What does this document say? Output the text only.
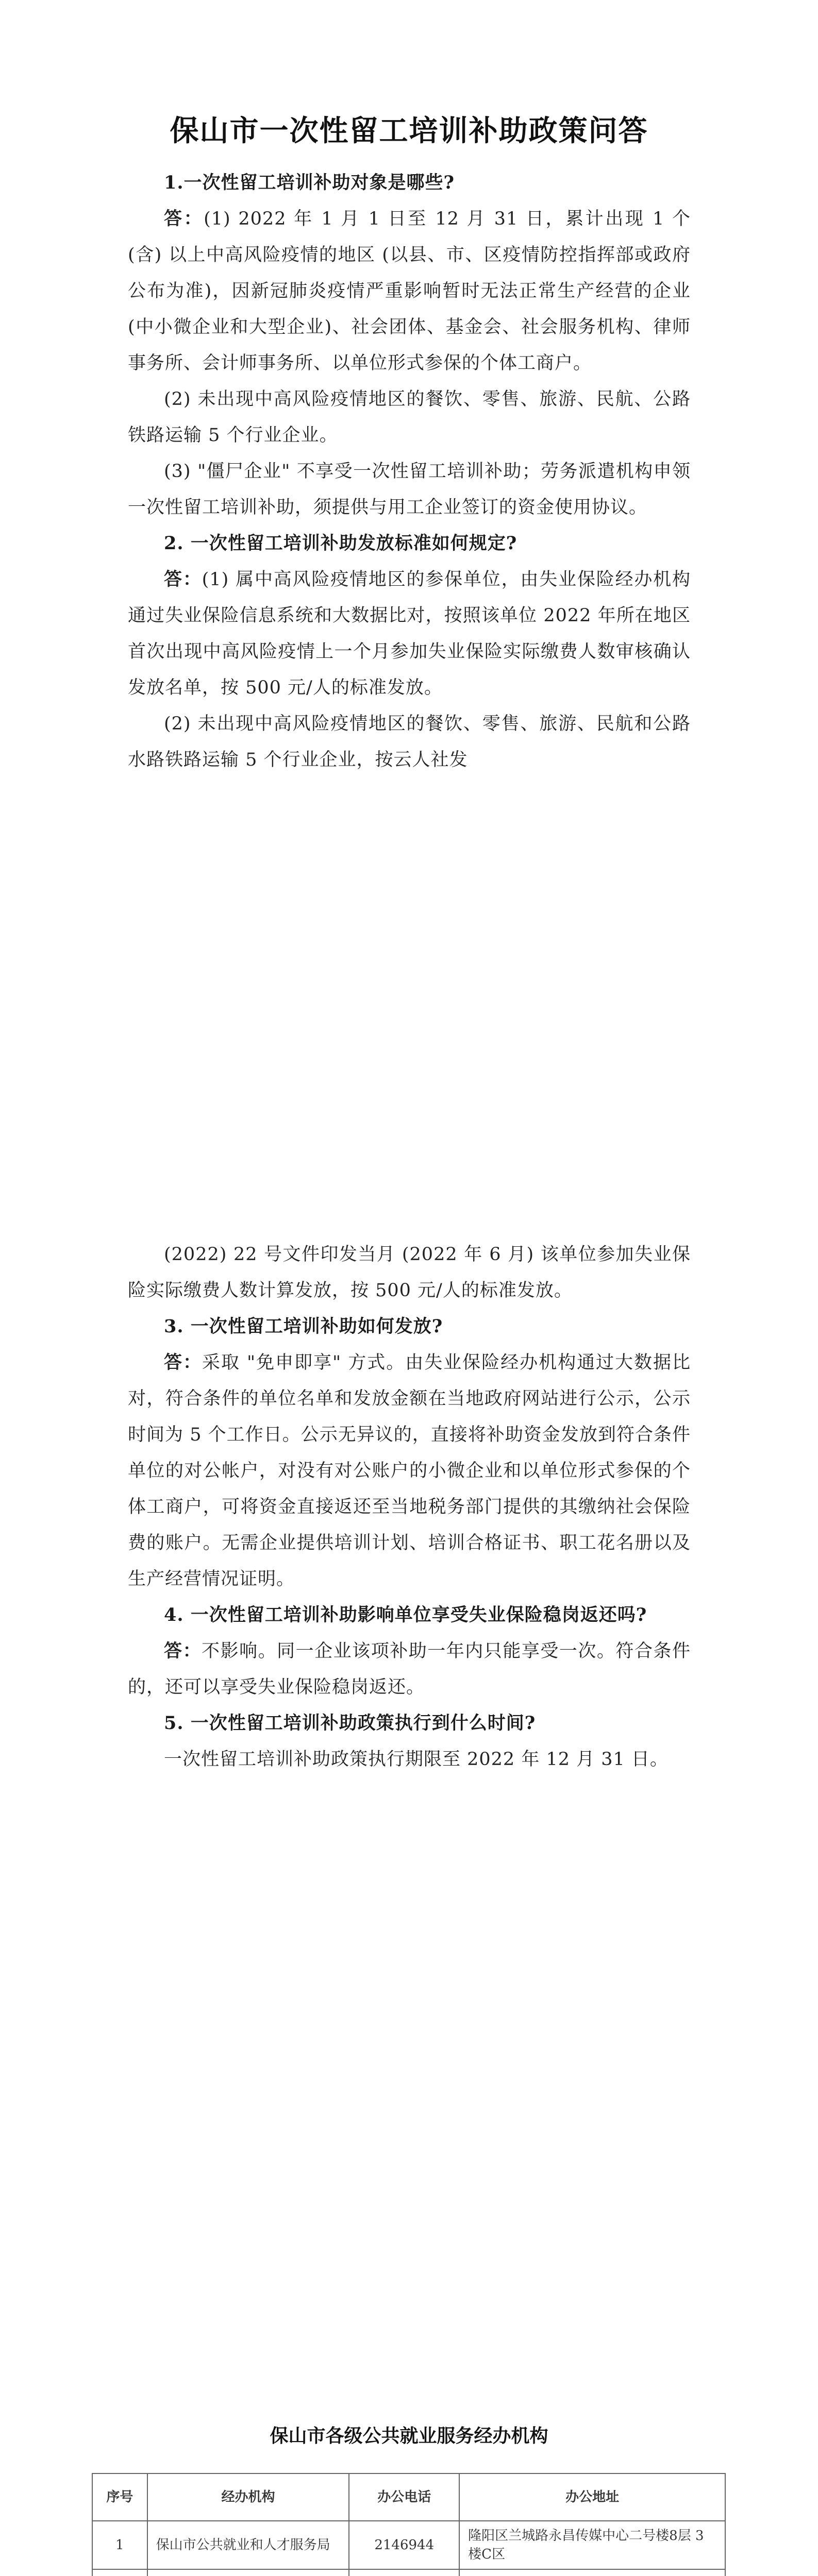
保山市一次性留工培训补助政策问答

1.一次性留工培训补助对象是哪些?

答：(1) 2022 年 1 月 1 日至 12 月 31 日，累计出现 1 个 (含) 以上中高风险疫情的地区 (以县、市、区疫情防控指挥部或政府公布为准)，因新冠肺炎疫情严重影响暂时无法正常生产经营的企业 (中小微企业和大型企业)、社会团体、基金会、社会服务机构、律师事务所、会计师事务所、以单位形式参保的个体工商户。

(2) 未出现中高风险疫情地区的餐饮、零售、旅游、民航、公路铁路运输 5 个行业企业。

(3) "僵尸企业" 不享受一次性留工培训补助；劳务派遣机构申领一次性留工培训补助，须提供与用工企业签订的资金使用协议。

2. 一次性留工培训补助发放标准如何规定?

答：(1) 属中高风险疫情地区的参保单位，由失业保险经办机构通过失业保险信息系统和大数据比对，按照该单位 2022 年所在地区首次出现中高风险疫情上一个月参加失业保险实际缴费人数审核确认发放名单，按 500 元/人的标准发放。

(2) 未出现中高风险疫情地区的餐饮、零售、旅游、民航和公路水路铁路运输 5 个行业企业，按云人社发

(2022) 22 号文件印发当月 (2022 年 6 月) 该单位参加失业保险实际缴费人数计算发放，按 500 元/人的标准发放。

3. 一次性留工培训补助如何发放?

答：采取 "免申即享" 方式。由失业保险经办机构通过大数据比对，符合条件的单位名单和发放金额在当地政府网站进行公示，公示时间为 5 个工作日。公示无异议的，直接将补助资金发放到符合条件单位的对公帐户，对没有对公账户的小微企业和以单位形式参保的个体工商户，可将资金直接返还至当地税务部门提供的其缴纳社会保险费的账户。无需企业提供培训计划、培训合格证书、职工花名册以及生产经营情况证明。

4. 一次性留工培训补助影响单位享受失业保险稳岗返还吗?

答：不影响。同一企业该项补助一年内只能享受一次。符合条件的，还可以享受失业保险稳岗返还。

5. 一次性留工培训补助政策执行到什么时间?

一次性留工培训补助政策执行期限至 2022 年 12 月 31 日。

保山市各级公共就业服务经办机构
序号	经办机构	办公电话	办公地址
1	保山市公共就业和人才服务局	2146944	隆阳区兰城路永昌传媒中心二号楼8层 3 楼C区
